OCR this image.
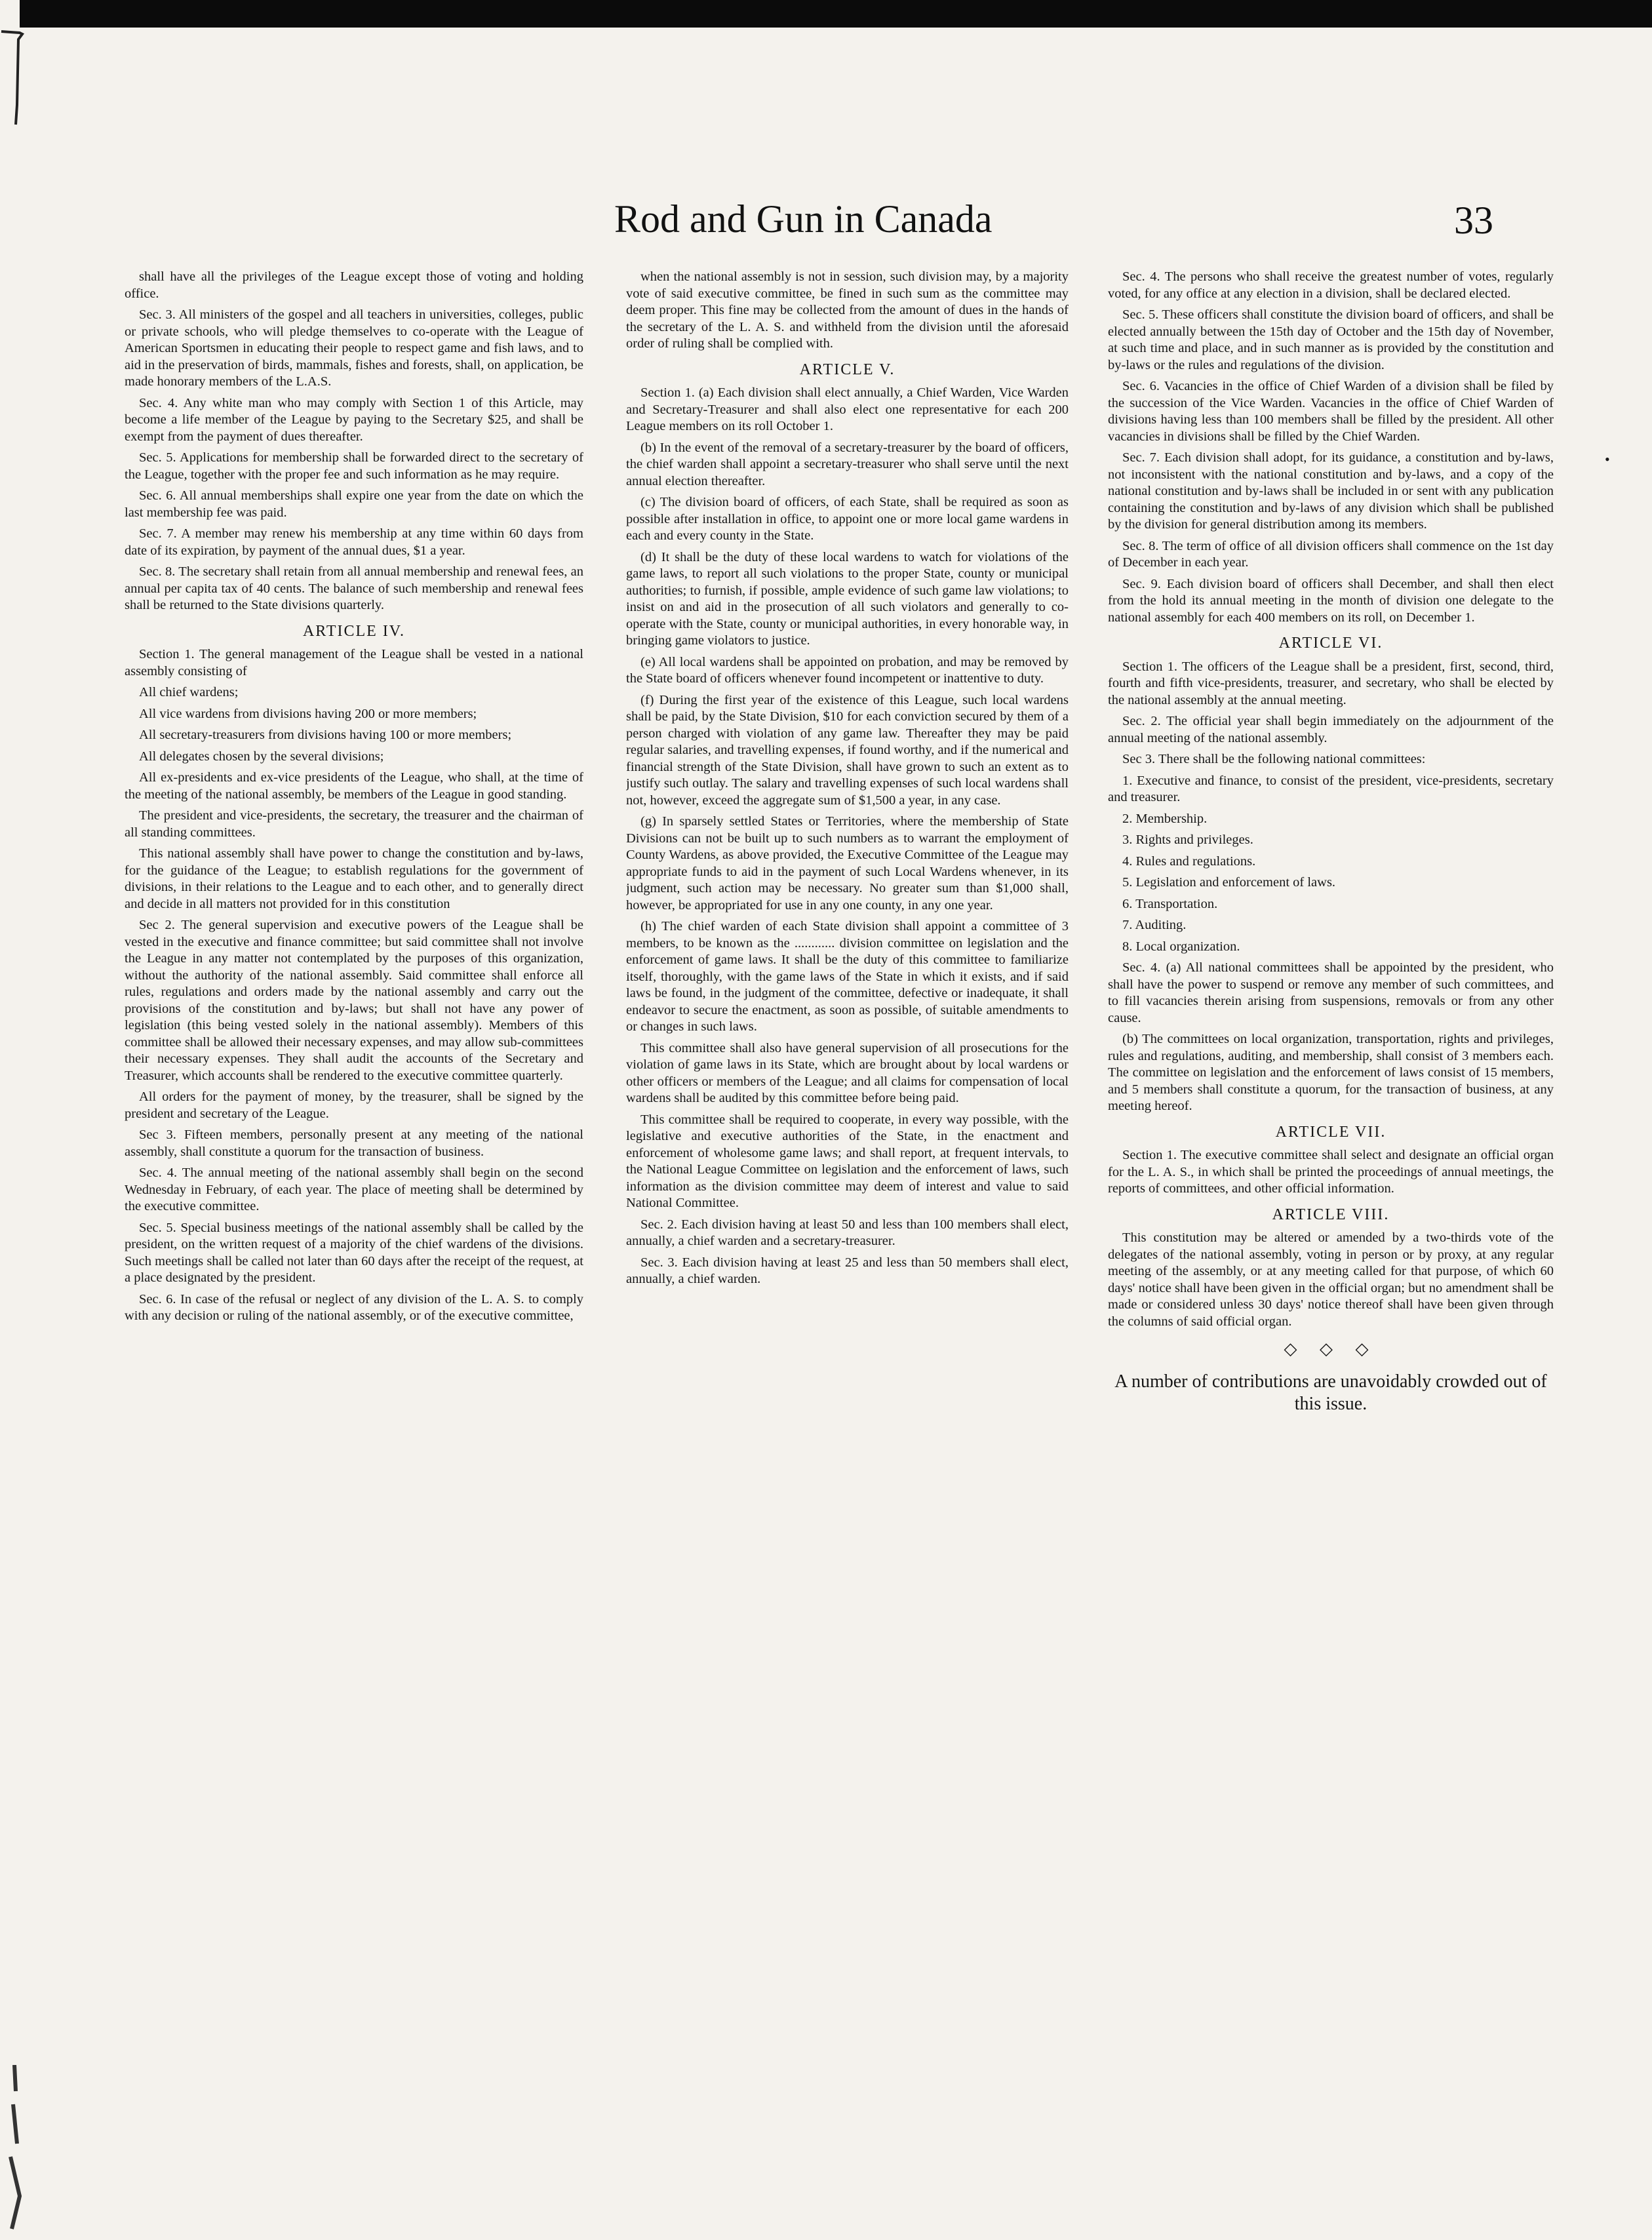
Rod and Gun in Canada	33

shall have all the privileges of the League except those of voting and holding office.

Sec. 3. All ministers of the gospel and all teachers in universities, colleges, public or private schools, who will pledge themselves to co-operate with the League of American Sportsmen in educating their people to respect game and fish laws, and to aid in the preservation of birds, mammals, fishes and forests, shall, on application, be made honorary members of the L.A.S.

Sec. 4. Any white man who may comply with Section 1 of this Article, may become a life member of the League by paying to the Secretary $25, and shall be exempt from the payment of dues thereafter.

Sec. 5. Applications for membership shall be forwarded direct to the secretary of the League, together with the proper fee and such information as he may require.

Sec. 6. All annual memberships shall expire one year from the date on which the last membership fee was paid.

Sec. 7. A member may renew his membership at any time within 60 days from date of its expiration, by payment of the annual dues, $1 a year.

Sec. 8. The secretary shall retain from all annual membership and renewal fees, an annual per capita tax of 40 cents. The balance of such membership and renewal fees shall be returned to the State divisions quarterly.

ARTICLE IV.

Section 1. The general management of the League shall be vested in a national assembly consisting of

All chief wardens;

All vice wardens from divisions having 200 or more members;

All secretary-treasurers from divisions having 100 or more members;

All delegates chosen by the several divisions;

All ex-presidents and ex-vice presidents of the League, who shall, at the time of the meeting of the national assembly, be members of the League in good standing.

The president and vice-presidents, the secretary, the treasurer and the chairman of all standing committees.

This national assembly shall have power to change the constitution and by-laws, for the guidance of the League; to establish regulations for the government of divisions, in their relations to the League and to each other, and to generally direct and decide in all matters not provided for in this constitution

Sec 2. The general supervision and executive powers of the League shall be vested in the executive and finance committee; but said committee shall not involve the League in any matter not contemplated by the purposes of this organization, without the authority of the national assembly. Said committee shall enforce all rules, regulations and orders made by the national assembly and carry out the provisions of the constitution and by-laws; but shall not have any power of legislation (this being vested solely in the national assembly). Members of this committee shall be allowed their necessary expenses, and may allow sub-committees their necessary expenses. They shall audit the accounts of the Secretary and Treasurer, which accounts shall be rendered to the executive committee quarterly.

All orders for the payment of money, by the treasurer, shall be signed by the president and secretary of the League.

Sec 3. Fifteen members, personally present at any meeting of the national assembly, shall constitute a quorum for the transaction of business.

Sec. 4. The annual meeting of the national assembly shall begin on the second Wednesday in February, of each year. The place of meeting shall be determined by the executive committee.

Sec. 5. Special business meetings of the national assembly shall be called by the president, on the written request of a majority of the chief wardens of the divisions. Such meetings shall be called not later than 60 days after the receipt of the request, at a place designated by the president.

Sec. 6. In case of the refusal or neglect of any division of the L. A. S. to comply with any decision or ruling of the national assembly, or of the executive committee,

when the national assembly is not in session, such division may, by a majority vote of said executive committee, be fined in such sum as the committee may deem proper. This fine may be collected from the amount of dues in the hands of the secretary of the L. A. S. and withheld from the division until the aforesaid order of ruling shall be complied with.

ARTICLE V.

Section 1. (a) Each division shall elect annually, a Chief Warden, Vice Warden and Secretary-Treasurer and shall also elect one representative for each 200 League members on its roll October 1.

(b) In the event of the removal of a secretary-treasurer by the board of officers, the chief warden shall appoint a secretary-treasurer who shall serve until the next annual election thereafter.

(c) The division board of officers, of each State, shall be required as soon as possible after installation in office, to appoint one or more local game wardens in each and every county in the State.

(d) It shall be the duty of these local wardens to watch for violations of the game laws, to report all such violations to the proper State, county or municipal authorities; to furnish, if possible, ample evidence of such game law violations; to insist on and aid in the prosecution of all such violators and generally to co-operate with the State, county or municipal authorities, in every honorable way, in bringing game violators to justice.

(e) All local wardens shall be appointed on probation, and may be removed by the State board of officers whenever found incompetent or inattentive to duty.

(f) During the first year of the existence of this League, such local wardens shall be paid, by the State Division, $10 for each conviction secured by them of a person charged with violation of any game law. Thereafter they may be paid regular salaries, and travelling expenses, if found worthy, and if the numerical and financial strength of the State Division, shall have grown to such an extent as to justify such outlay. The salary and travelling expenses of such local wardens shall not, however, exceed the aggregate sum of $1,500 a year, in any case.

(g) In sparsely settled States or Territories, where the membership of State Divisions can not be built up to such numbers as to warrant the employment of County Wardens, as above provided, the Executive Committee of the League may appropriate funds to aid in the payment of such Local Wardens whenever, in its judgment, such action may be necessary. No greater sum than $1,000 shall, however, be appropriated for use in any one county, in any one year.

(h) The chief warden of each State division shall appoint a committee of 3 members, to be known as the ............ division committee on legislation and the enforcement of game laws. It shall be the duty of this committee to familiarize itself, thoroughly, with the game laws of the State in which it exists, and if said laws be found, in the judgment of the committee, defective or inadequate, it shall endeavor to secure the enactment, as soon as possible, of suitable amendments to or changes in such laws.

This committee shall also have general supervision of all prosecutions for the violation of game laws in its State, which are brought about by local wardens or other officers or members of the League; and all claims for compensation of local wardens shall be audited by this committee before being paid.

This committee shall be required to cooperate, in every way possible, with the legislative and executive authorities of the State, in the enactment and enforcement of wholesome game laws; and shall report, at frequent intervals, to the National League Committee on legislation and the enforcement of laws, such information as the division committee may deem of interest and value to said National Committee.

Sec. 2. Each division having at least 50 and less than 100 members shall elect, annually, a chief warden and a secretary-treasurer.

Sec. 3. Each division having at least 25 and less than 50 members shall elect, annually, a chief warden.

Sec. 4. The persons who shall receive the greatest number of votes, regularly voted, for any office at any election in a division, shall be declared elected.

Sec. 5. These officers shall constitute the division board of officers, and shall be elected annually between the 15th day of October and the 15th day of November, at such time and place, and in such manner as is provided by the constitution and by-laws or the rules and regulations of the division.

Sec. 6. Vacancies in the office of Chief Warden of a division shall be filed by the succession of the Vice Warden. Vacancies in the office of Chief Warden of divisions having less than 100 members shall be filled by the president. All other vacancies in divisions shall be filled by the Chief Warden.

Sec. 7. Each division shall adopt, for its guidance, a constitution and by-laws, not inconsistent with the national constitution and by-laws, and a copy of the national constitution and by-laws shall be included in or sent with any publication containing the constitution and by-laws of any division which shall be published by the division for general distribution among its members.

Sec. 8. The term of office of all division officers shall commence on the 1st day of December in each year.

Sec. 9. Each division board of officers shall December, and shall then elect from the hold its annual meeting in the month of division one delegate to the national assembly for each 400 members on its roll, on December 1.

ARTICLE VI.

Section 1. The officers of the League shall be a president, first, second, third, fourth and fifth vice-presidents, treasurer, and secretary, who shall be elected by the national assembly at the annual meeting.

Sec. 2. The official year shall begin immediately on the adjournment of the annual meeting of the national assembly.

Sec 3. There shall be the following national committees:

1. Executive and finance, to consist of the president, vice-presidents, secretary and treasurer.

2. Membership.

3. Rights and privileges.

4. Rules and regulations.

5. Legislation and enforcement of laws.

6. Transportation.

7. Auditing.

8. Local organization.

Sec. 4. (a) All national committees shall be appointed by the president, who shall have the power to suspend or remove any member of such committees, and to fill vacancies therein arising from suspensions, removals or from any other cause.

(b) The committees on local organization, transportation, rights and privileges, rules and regulations, auditing, and membership, shall consist of 3 members each. The committee on legislation and the enforcement of laws consist of 15 members, and 5 members shall constitute a quorum, for the transaction of business, at any meeting hereof.

ARTICLE VII.

Section 1. The executive committee shall select and designate an official organ for the L. A. S., in which shall be printed the proceedings of annual meetings, the reports of committees, and other official information.

ARTICLE VIII.

This constitution may be altered or amended by a two-thirds vote of the delegates of the national assembly, voting in person or by proxy, at any regular meeting of the assembly, or at any meeting called for that purpose, of which 60 days' notice shall have been given in the official organ; but no amendment shall be made or considered unless 30 days' notice thereof shall have been given through the columns of said official organ.

◇ ◇ ◇

A number of contributions are unavoidably crowded out of this issue.

•
